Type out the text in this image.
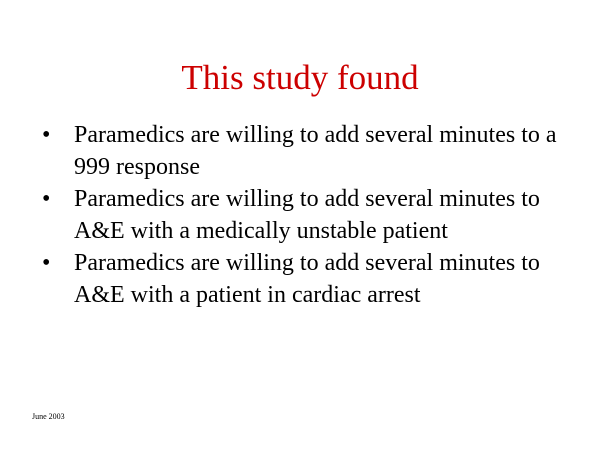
This study found
• Paramedics are willing to add several minutes to a 999 response
• Paramedics are willing to add several minutes to A&E with a medically unstable patient
• Paramedics are willing to add several minutes to A&E with a patient in cardiac arrest
June 2003
